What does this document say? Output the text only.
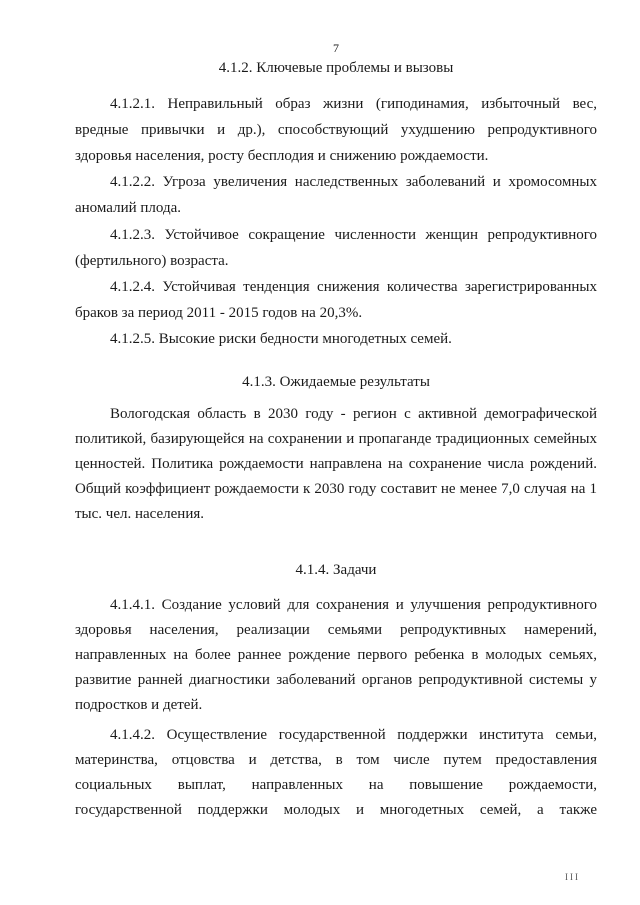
7
4.1.2. Ключевые проблемы и вызовы

4.1.2.1. Неправильный образ жизни (гиподинамия, избыточный вес,
вредные привычки и др.), способствующий ухудшению репродуктивного
здоровья населения, росту бесплодия и снижению рождаемости.

4.1.2.2. Угроза увеличения наследственных заболеваний и хромосомных
аномалий плода.

4.1.2.3. Устойчивое сокращение численности женщин репродуктивного
(фертильного) возраста.

4.1.2.4. Устойчивая тенденция снижения количества зарегистрированных
браков за период 2011 - 2015 годов на 20,3%.

4.1.2.5. Высокие риски бедности многодетных семей.

4.1.3. Ожидаемые результаты

Вологодская область в 2030 году - регион с активной демографической
политикой, базирующейся на сохранении и пропаганде традиционных семейных
ценностей. Политика рождаемости направлена на сохранение числа рождений.
Общий коэффициент рождаемости к 2030 году составит не менее 7,0 случая на 1
тыс. чел. населения.

4.1.4. Задачи

4.1.4.1. Создание условий для сохранения и улучшения репродуктивного
здоровья населения, реализации семьями репродуктивных намерений,
направленных на более раннее рождение первого ребенка в молодых семьях,
развитие ранней диагностики заболеваний органов репродуктивной системы у
подростков и детей.

4.1.4.2. Осуществление государственной поддержки института семьи,
материнства, отцовства и детства, в том числе путем предоставления
социальных выплат, направленных на повышение рождаемости,
государственной поддержки молодых и многодетных семей, а также

III
